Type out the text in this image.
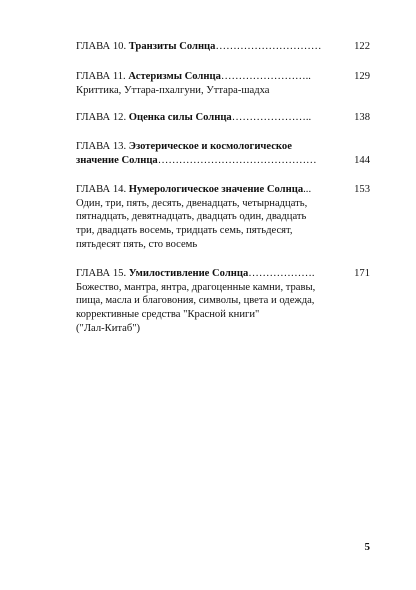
ГЛАВА 10. Транзиты Солнца…………………………	122
ГЛАВА 11. Астеризмы Солнца……………………..	129
Криттика, Уттара-пхалгуни, Уттара-шадха
ГЛАВА 12. Оценка силы Солнца…………………..	138
ГЛАВА 13. Эзотерическое и космологическое
значение Солнца………………………………………	144
ГЛАВА 14. Нумерологическое значение Солнца...	153
Один, три, пять, десять, двенадцать, четырнадцать,
пятнадцать, девятнадцать, двадцать один, двадцать
три, двадцать восемь, тридцать семь, пятьдесят,
пятьдесят пять, сто восемь
ГЛАВА 15. Умилостивление Солнца……………….	171
Божество, мантра, янтра, драгоценные камни, травы,
пища, масла и благовония, символы, цвета и одежда,
коррективные средства "Красной книги"
("Лал-Китаб")
5
